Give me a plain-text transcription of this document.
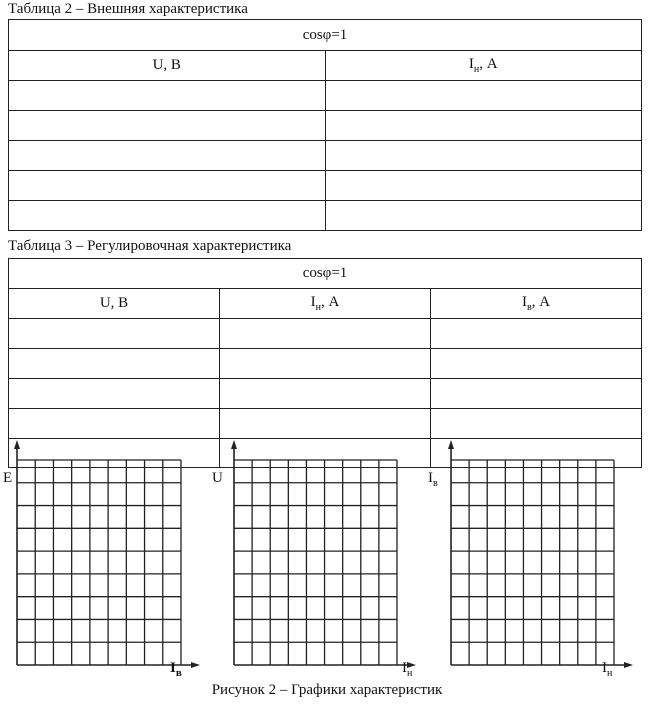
Таблица 2 – Внешняя характеристика
cosφ=1	
U, B	$I_н$, A

Таблица 3 – Регулировочная характеристика
cosφ=1		
U, B	$I_н$, A	$I_в$, A

E
$I_в$
U
$I_н$
$I_в$
$I_н$
Рисунок 2 – Графики характеристик
